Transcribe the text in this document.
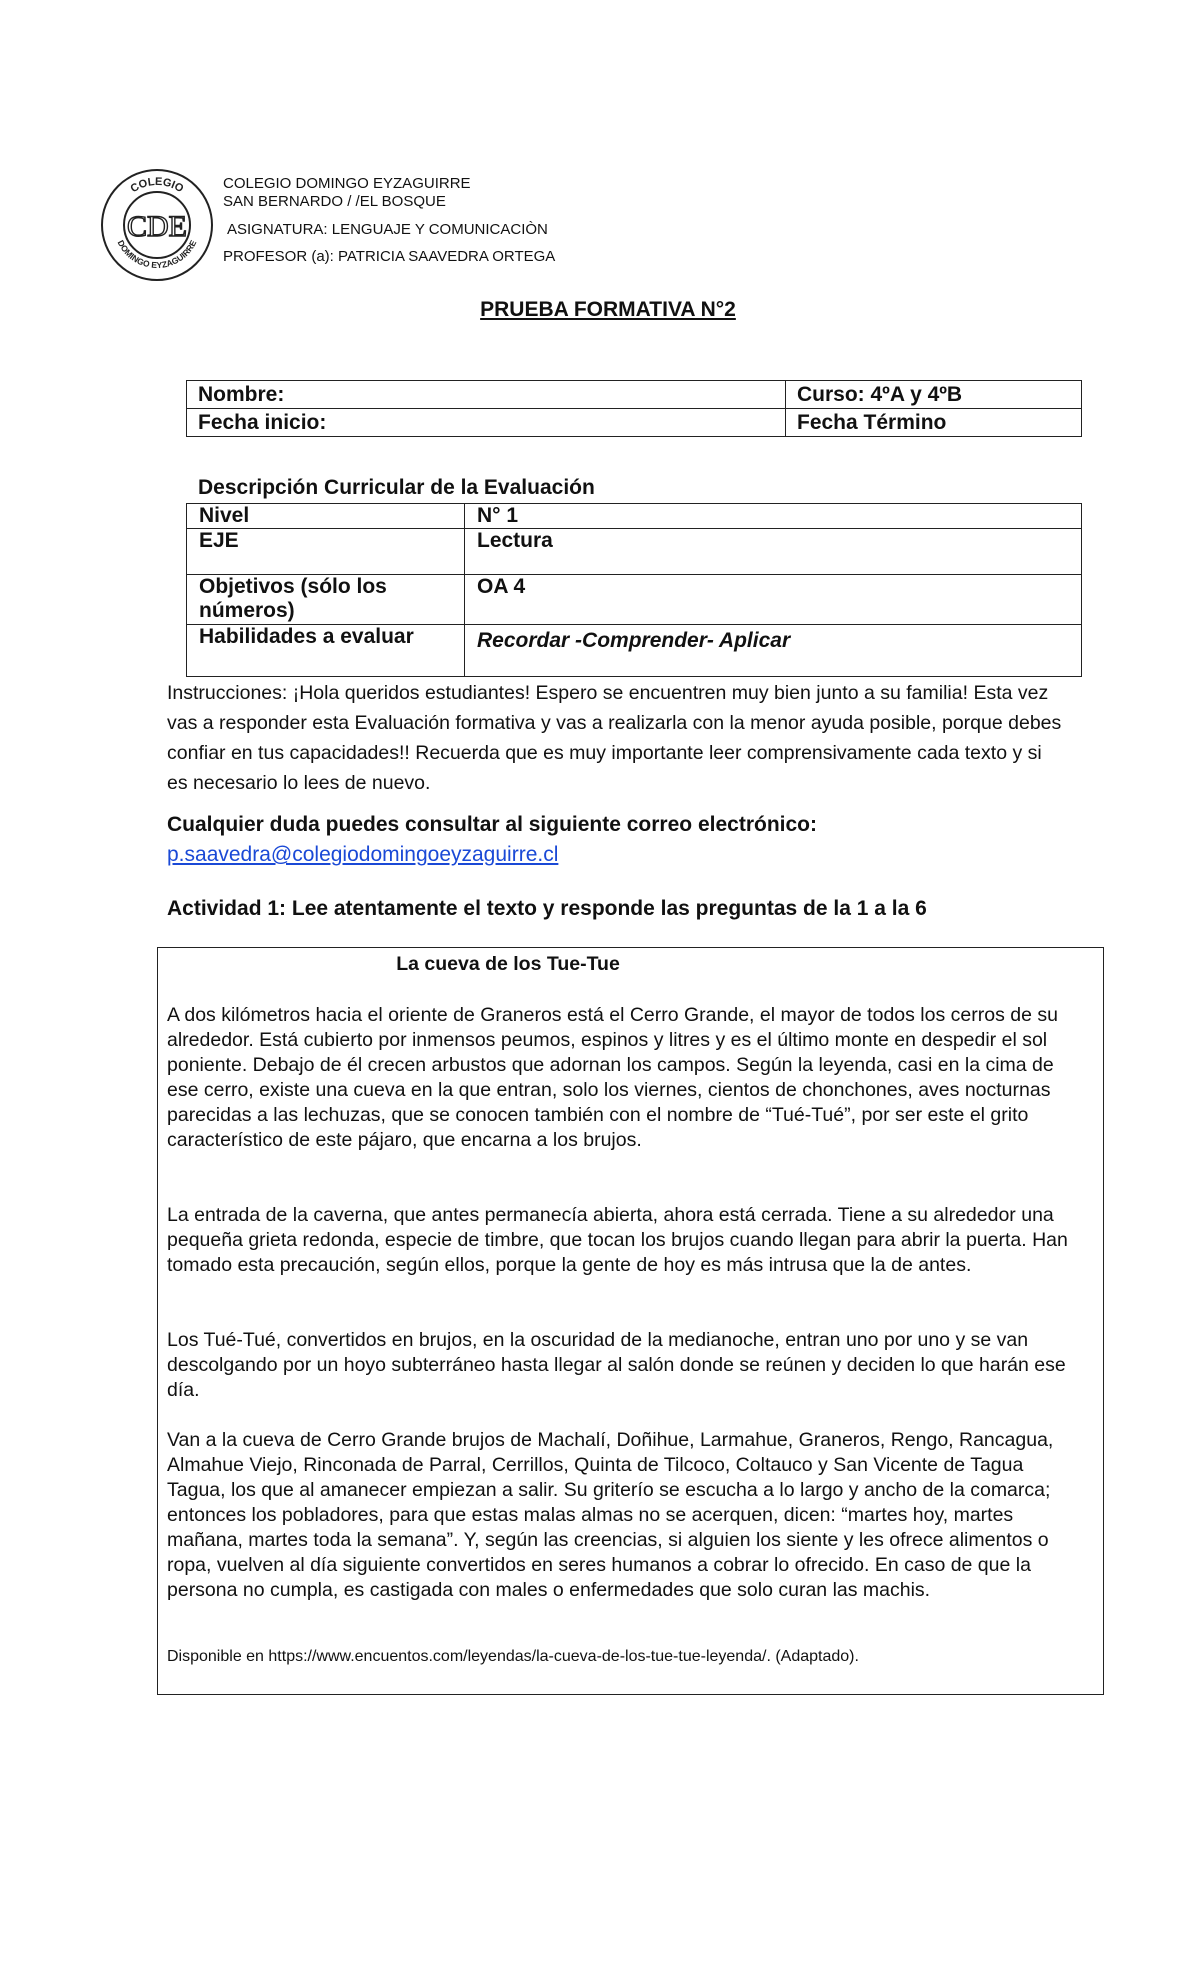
COLEGIO
DOMINGO EYZAGUIRRE
CDE
COLEGIO DOMINGO EYZAGUIRRE
SAN BERNARDO / /EL BOSQUE
ASIGNATURA: LENGUAJE Y COMUNICACIÒN
PROFESOR (a): PATRICIA SAAVEDRA ORTEGA
PRUEBA FORMATIVA N°2
Nombre:	Curso: 4ºA y 4ºB
Fecha inicio:	Fecha Término
Descripción Curricular de la Evaluación
Nivel	N° 1
EJE	Lectura
Objetivos (sólo los números)	OA 4
Habilidades a evaluar	Recordar -Comprender- Aplicar
Instrucciones: ¡Hola queridos estudiantes! Espero se encuentren muy bien junto a su familia! Esta vez vas a responder esta Evaluación formativa y vas a realizarla con la menor ayuda posible, porque debes confiar en tus capacidades!! Recuerda que es muy importante leer comprensivamente cada texto y si es necesario lo lees de nuevo.
Cualquier duda puedes consultar al siguiente correo electrónico:
p.saavedra@colegiodomingoeyzaguirre.cl
Actividad 1: Lee atentamente el texto y responde las preguntas de la 1 a la 6
La cueva de los Tue-Tue
A dos kilómetros hacia el oriente de Graneros está el Cerro Grande, el mayor de todos los cerros de su alrededor. Está cubierto por inmensos peumos, espinos y litres y es el último monte en despedir el sol poniente. Debajo de él crecen arbustos que adornan los campos. Según la leyenda, casi en la cima de ese cerro, existe una cueva en la que entran, solo los viernes, cientos de chonchones, aves nocturnas parecidas a las lechuzas, que se conocen también con el nombre de “Tué-Tué”, por ser este el grito característico de este pájaro, que encarna a los brujos.
La entrada de la caverna, que antes permanecía abierta, ahora está cerrada. Tiene a su alrededor una pequeña grieta redonda, especie de timbre, que tocan los brujos cuando llegan para abrir la puerta. Han tomado esta precaución, según ellos, porque la gente de hoy es más intrusa que la de antes.
Los Tué-Tué, convertidos en brujos, en la oscuridad de la medianoche, entran uno por uno y se van descolgando por un hoyo subterráneo hasta llegar al salón donde se reúnen y deciden lo que harán ese día.
Van a la cueva de Cerro Grande brujos de Machalí, Doñihue, Larmahue, Graneros, Rengo, Rancagua, Almahue Viejo, Rinconada de Parral, Cerrillos, Quinta de Tilcoco, Coltauco y San Vicente de Tagua Tagua, los que al amanecer empiezan a salir. Su griterío se escucha a lo largo y ancho de la comarca; entonces los pobladores, para que estas malas almas no se acerquen, dicen: “martes hoy, martes mañana, martes toda la semana”. Y, según las creencias, si alguien los siente y les ofrece alimentos o ropa, vuelven al día siguiente convertidos en seres humanos a cobrar lo ofrecido. En caso de que la persona no cumpla, es castigada con males o enfermedades que solo curan las machis.
Disponible en https://www.encuentos.com/leyendas/la-cueva-de-los-tue-tue-leyenda/. (Adaptado).
